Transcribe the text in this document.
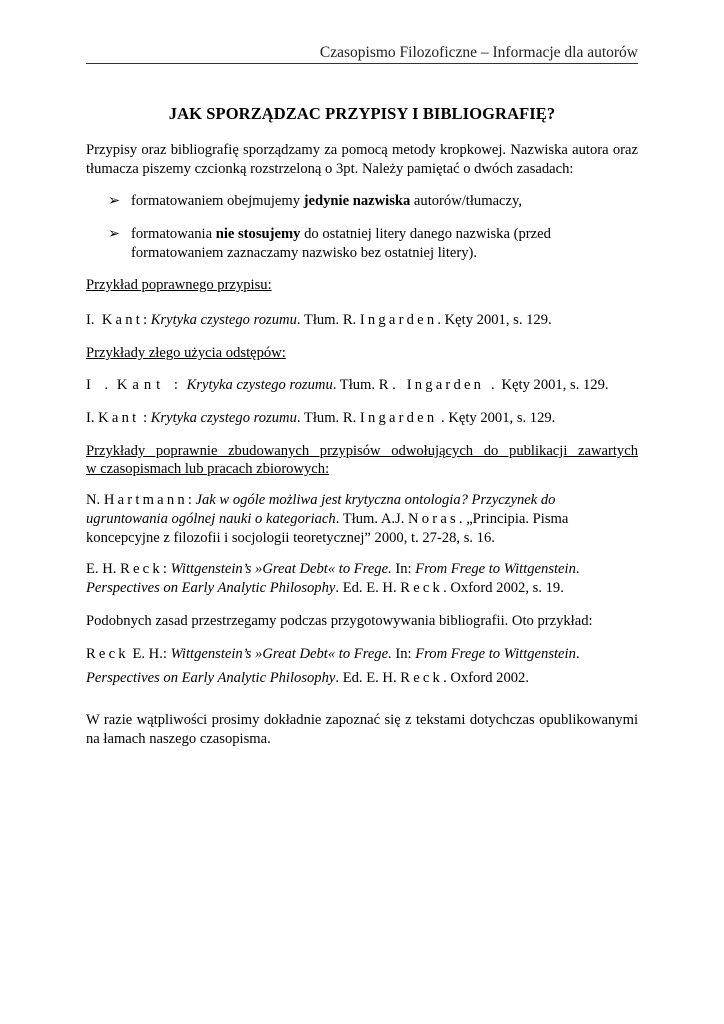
Czasopismo Filozoficzne – Informacje dla autorów
JAK SPORZĄDZAC PRZYPISY I BIBLIOGRAFIĘ?
Przypisy oraz bibliografię sporządzamy za pomocą metody kropkowej. Nazwiska autora oraz
tłumacza piszemy czcionką rozstrzeloną o 3pt. Należy pamiętać o dwóch zasadach:
➢ formatowaniem obejmujemy jedynie nazwiska autorów/tłumaczy,
➢ formatowania nie stosujemy do ostatniej litery danego nazwiska (przed
formatowaniem zaznaczamy nazwisko bez ostatniej litery).
Przykład poprawnego przypisu:
I. Kant: Krytyka czystego rozumu. Tłum. R. Ingarden. Kęty 2001, s. 129.
Przykłady złego użycia odstępów:
I . Kant : Krytyka czystego rozumu. Tłum. R . Ingarden . Kęty 2001, s. 129.
I. Kant : Krytyka czystego rozumu. Tłum. R. Ingarden . Kęty 2001, s. 129.
Przykłady poprawnie zbudowanych przypisów odwołujących do publikacji zawartych
w czasopismach lub pracach zbiorowych:
N. Hartmann: Jak w ogóle możliwa jest krytyczna ontologia? Przyczynek do
ugruntowania ogólnej nauki o kategoriach. Tłum. A.J. Noras. „Principia. Pisma
koncepcyjne z filozofii i socjologii teoretycznej” 2000, t. 27-28, s. 16.
E. H. Reck: Wittgenstein’s »Great Debt« to Frege. In: From Frege to Wittgenstein.
Perspectives on Early Analytic Philosophy. Ed. E. H. Reck. Oxford 2002, s. 19.
Podobnych zasad przestrzegamy podczas przygotowywania bibliografii. Oto przykład:
Reck E. H.: Wittgenstein’s »Great Debt« to Frege. In: From Frege to Wittgenstein.
Perspectives on Early Analytic Philosophy. Ed. E. H. Reck. Oxford 2002.
W razie wątpliwości prosimy dokładnie zapoznać się z tekstami dotychczas opublikowanymi
na łamach naszego czasopisma.
